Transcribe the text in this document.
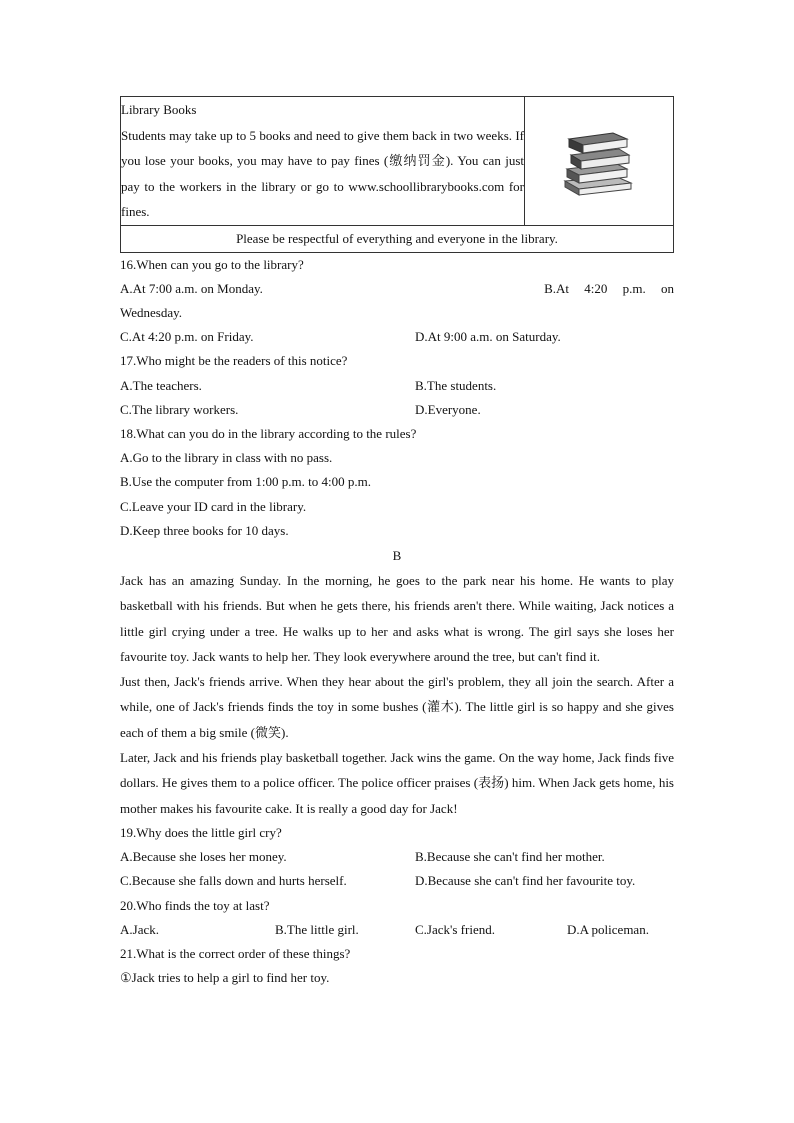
Library Books
Students may take up to 5 books and need to give them back in two weeks. If you lose your books, you may have to pay fines (缴纳罚金). You can just pay to the workers in the library or go to www.schoollibrarybooks.com for fines.

Please be respectful of everything and everyone in the library.

16.When can you go to the library?

A.At 7:00 a.m. on Monday.	B.At 4:20 p.m. on

Wednesday.

C.At 4:20 p.m. on Friday.	D.At 9:00 a.m. on Saturday.

17.Who might be the readers of this notice?

A.The teachers.	B.The students.
C.The library workers.	D.Everyone.

18.What can you do in the library according to the rules?

A.Go to the library in class with no pass.

B.Use the computer from 1:00 p.m. to 4:00 p.m.

C.Leave your ID card in the library.

D.Keep three books for 10 days.

B

Jack has an amazing Sunday. In the morning, he goes to the park near his home. He wants to play basketball with his friends. But when he gets there, his friends aren't there. While waiting, Jack notices a little girl crying under a tree. He walks up to her and asks what is wrong. The girl says she loses her favourite toy. Jack wants to help her. They look everywhere around the tree, but can't find it.

Just then, Jack's friends arrive. When they hear about the girl's problem, they all join the search. After a while, one of Jack's friends finds the toy in some bushes (灌木). The little girl is so happy and she gives each of them a big smile (微笑).

Later, Jack and his friends play basketball together. Jack wins the game. On the way home, Jack finds five dollars. He gives them to a police officer. The police officer praises (表扬) him. When Jack gets home, his mother makes his favourite cake. It is really a good day for Jack!

19.Why does the little girl cry?

A.Because she loses her money.	B.Because she can't find her mother.
C.Because she falls down and hurts herself.	D.Because she can't find her favourite toy.

20.Who finds the toy at last?

A.Jack.	B.The little girl.	C.Jack's friend.	D.A policeman.

21.What is the correct order of these things?

①Jack tries to help a girl to find her toy.
